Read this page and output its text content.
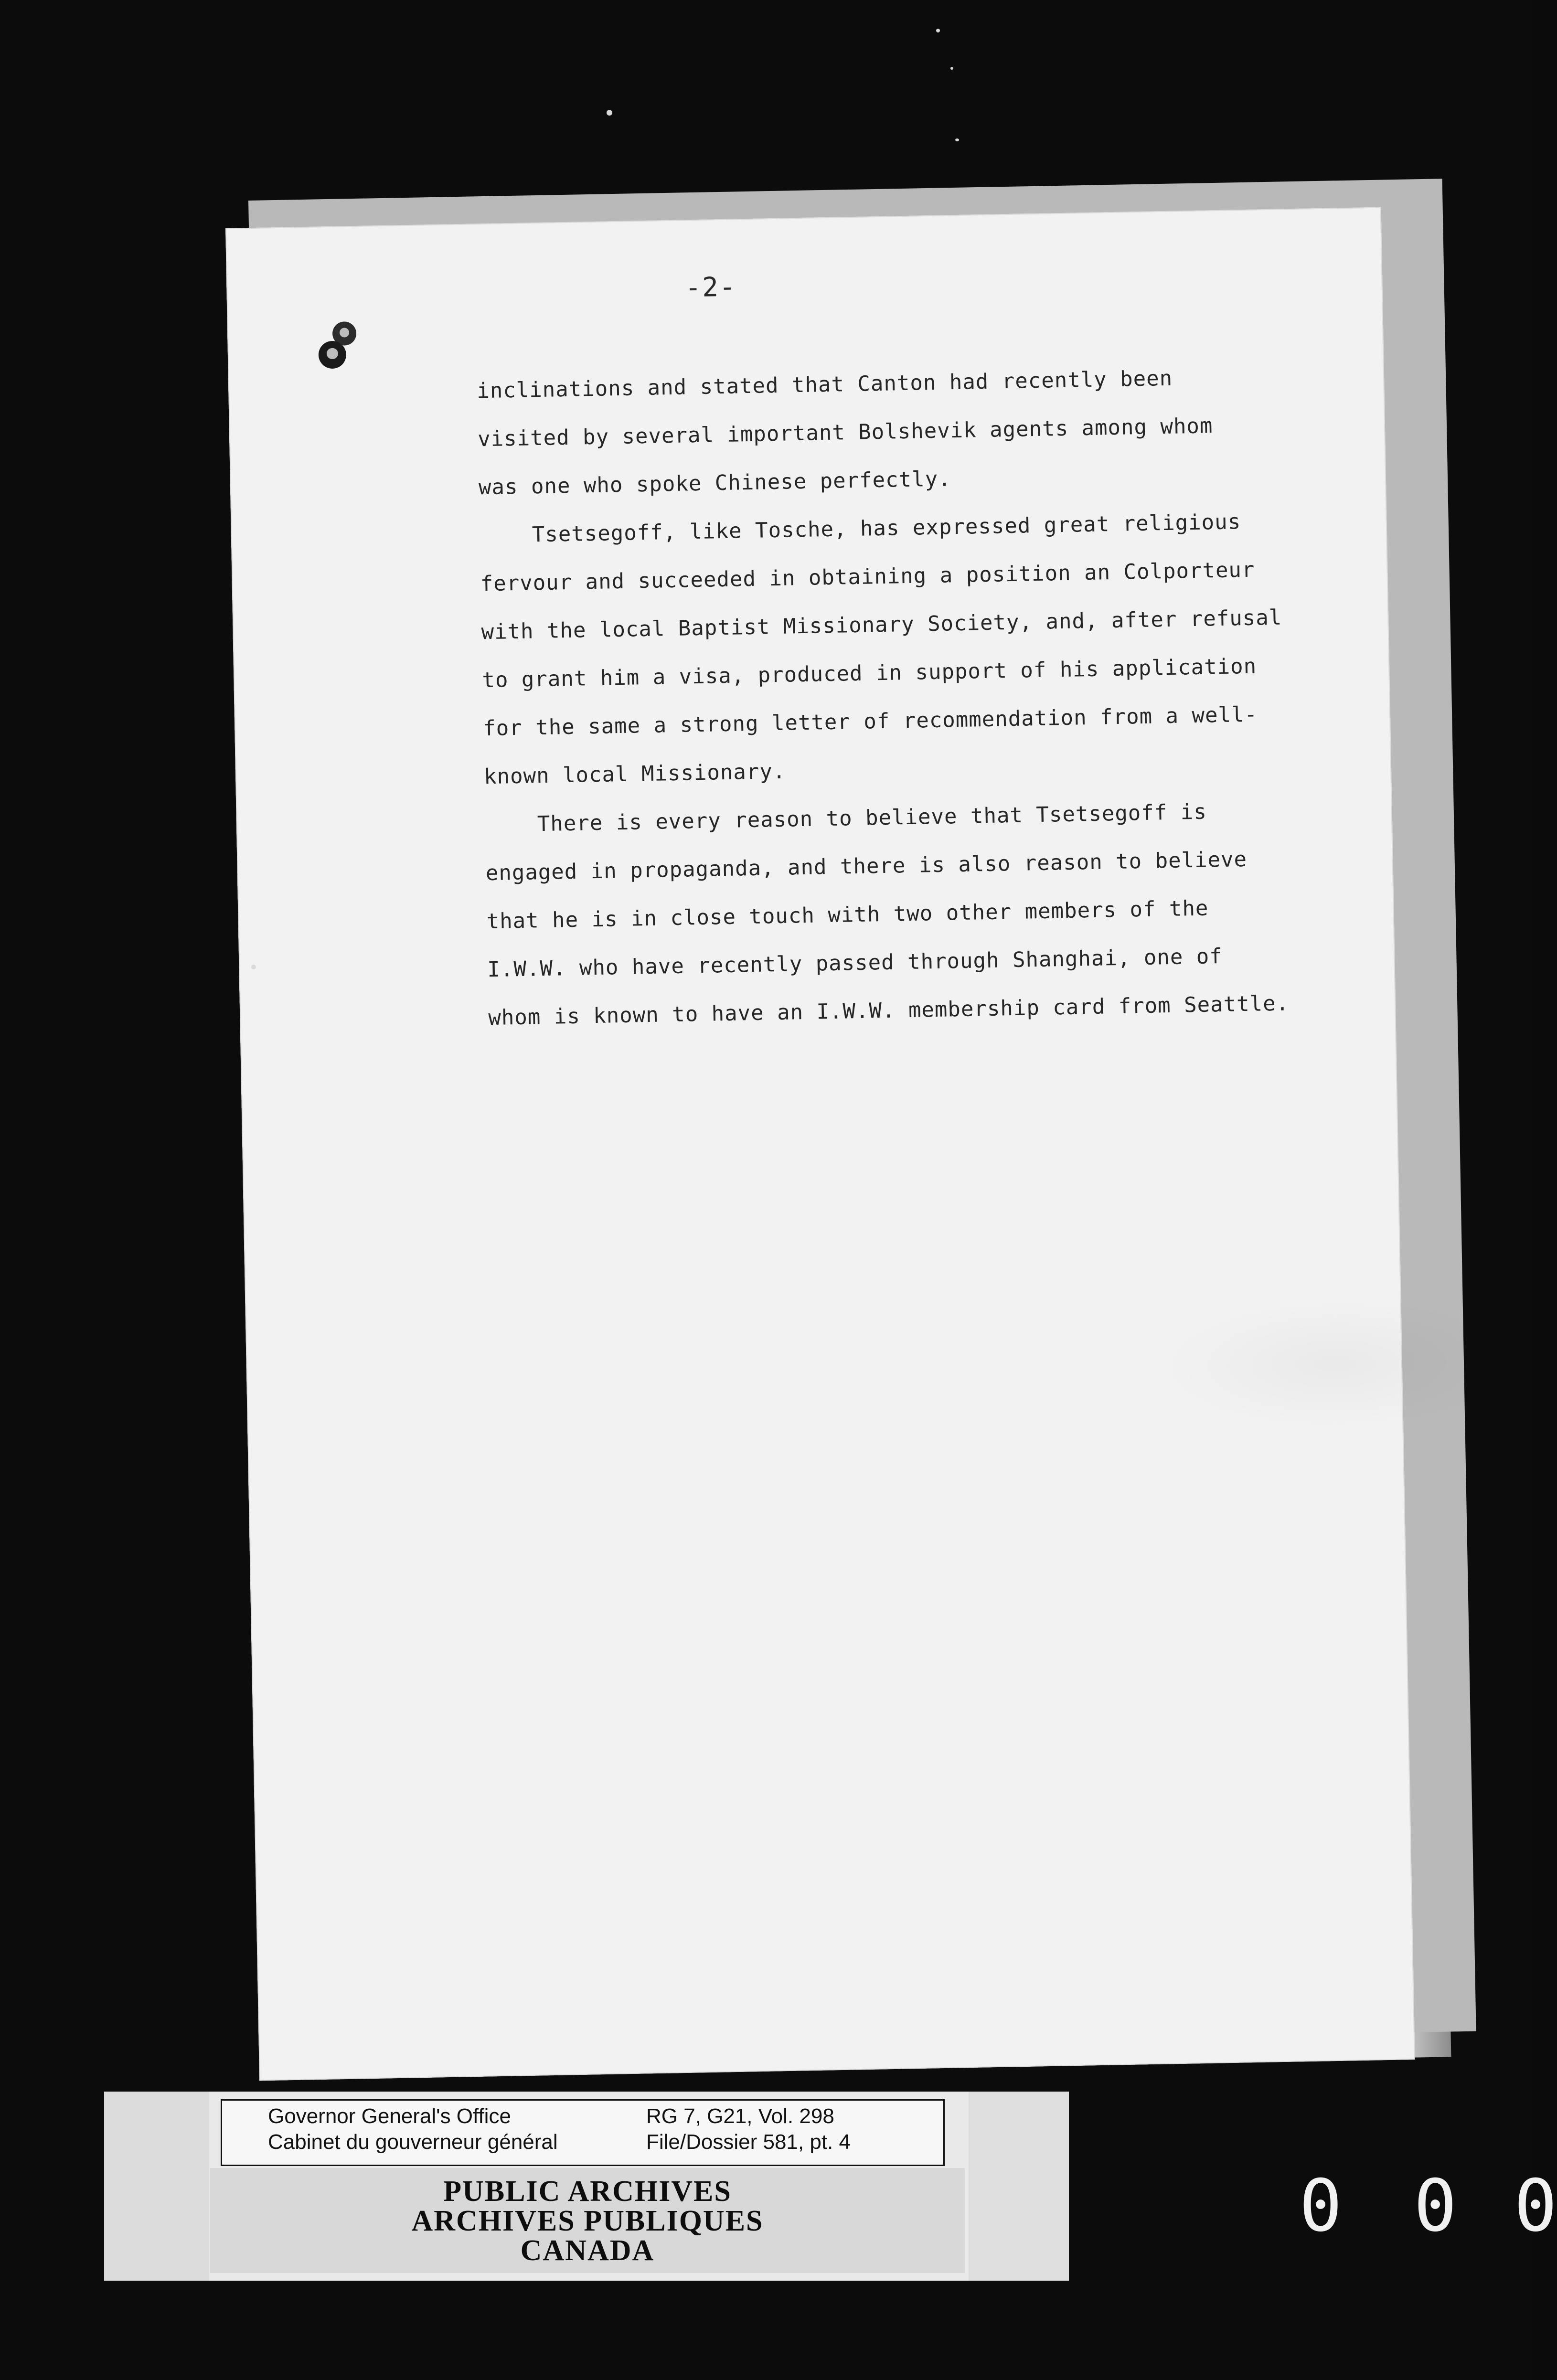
-2-

inclinations and stated that Canton had recently been

visited by several important Bolshevik agents among whom

was one who spoke Chinese perfectly.

Tsetsegoff, like Tosche, has expressed great religious

fervour and succeeded in obtaining a position an Colporteur

with the local Baptist Missionary Society, and, after refusal

to grant him a visa, produced in support of his application

for the same a strong letter of recommendation from a well-

known local Missionary.

There is every reason to believe that Tsetsegoff is

engaged in propaganda, and there is also reason to believe

that he is in close touch with two other members of the

I.W.W. who have recently passed through Shanghai, one of

whom is known to have an I.W.W. membership card from Seattle.

Governor General's Office
Cabinet du gouverneur général
RG 7, G21, Vol. 298
File/Dossier 581, pt. 4
PUBLIC ARCHIVES
ARCHIVES PUBLIQUES
CANADA
0 0 0
